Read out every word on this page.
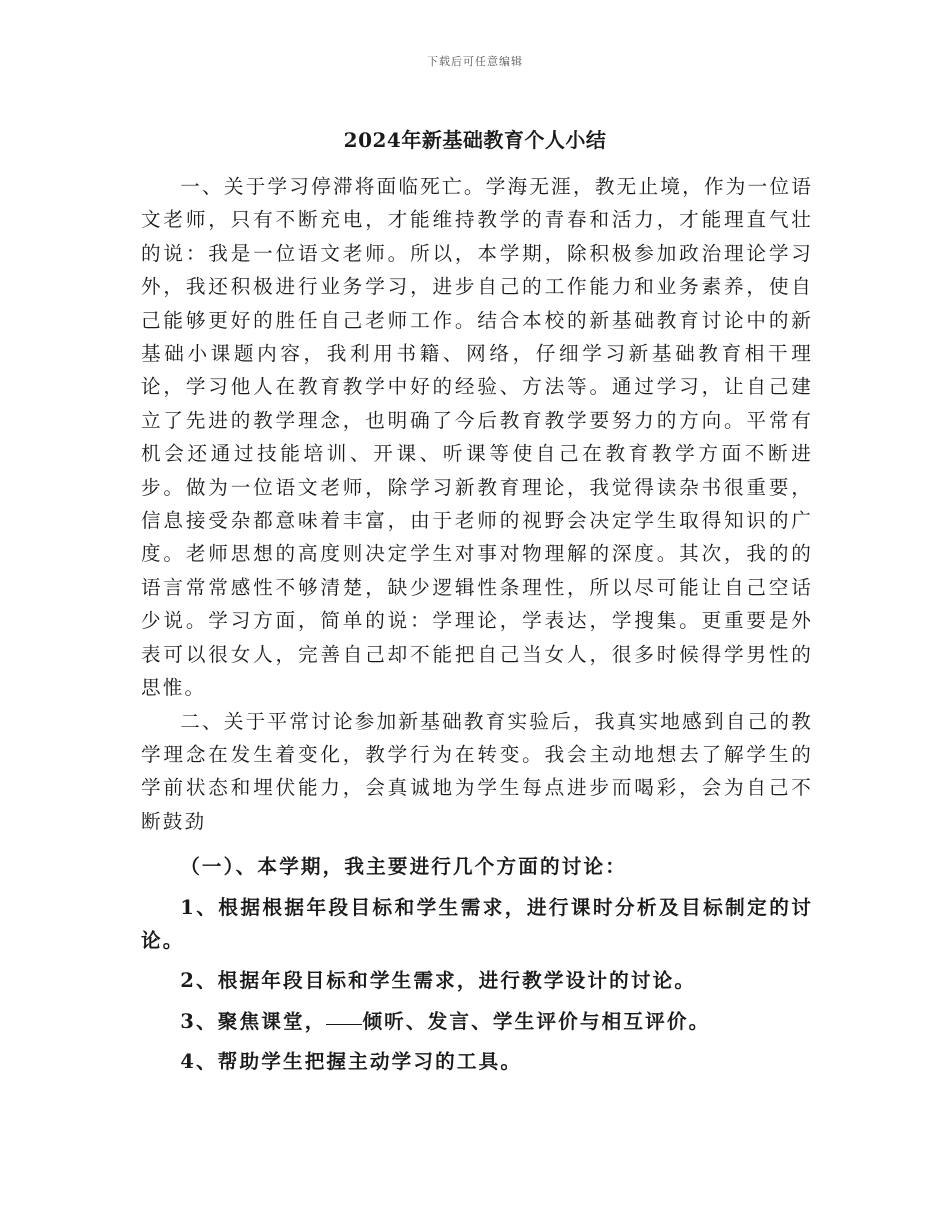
下载后可任意编辑
2024年新基础教育个人小结

一、关于学习停滞将面临死亡。学海无涯，教无止境，作为一位语文老师，只有不断充电，才能维持教学的青春和活力，才能理直气壮的说：我是一位语文老师。所以，本学期，除积极参加政治理论学习外，我还积极进行业务学习，进步自己的工作能力和业务素养，使自己能够更好的胜任自己老师工作。结合本校的新基础教育讨论中的新基础小课题内容，我利用书籍、网络，仔细学习新基础教育相干理论，学习他人在教育教学中好的经验、方法等。通过学习，让自己建立了先进的教学理念，也明确了今后教育教学要努力的方向。平常有机会还通过技能培训、开课、听课等使自己在教育教学方面不断进步。做为一位语文老师，除学习新教育理论，我觉得读杂书很重要，信息接受杂都意味着丰富，由于老师的视野会决定学生取得知识的广度。老师思想的高度则决定学生对事对物理解的深度。其次，我的的语言常常感性不够清楚，缺少逻辑性条理性，所以尽可能让自己空话少说。学习方面，简单的说：学理论，学表达，学搜集。更重要是外表可以很女人，完善自己却不能把自己当女人，很多时候得学男性的思惟。

二、关于平常讨论参加新基础教育实验后，我真实地感到自己的教学理念在发生着变化，教学行为在转变。我会主动地想去了解学生的学前状态和埋伏能力，会真诚地为学生每点进步而喝彩，会为自己不断鼓劲

（一）、本学期，我主要进行几个方面的讨论：

1、根据根据年段目标和学生需求，进行课时分析及目标制定的讨论。

2、根据年段目标和学生需求，进行教学设计的讨论。

3、聚焦课堂， 倾听、发言、学生评价与相互评价。

4、帮助学生把握主动学习的工具。
